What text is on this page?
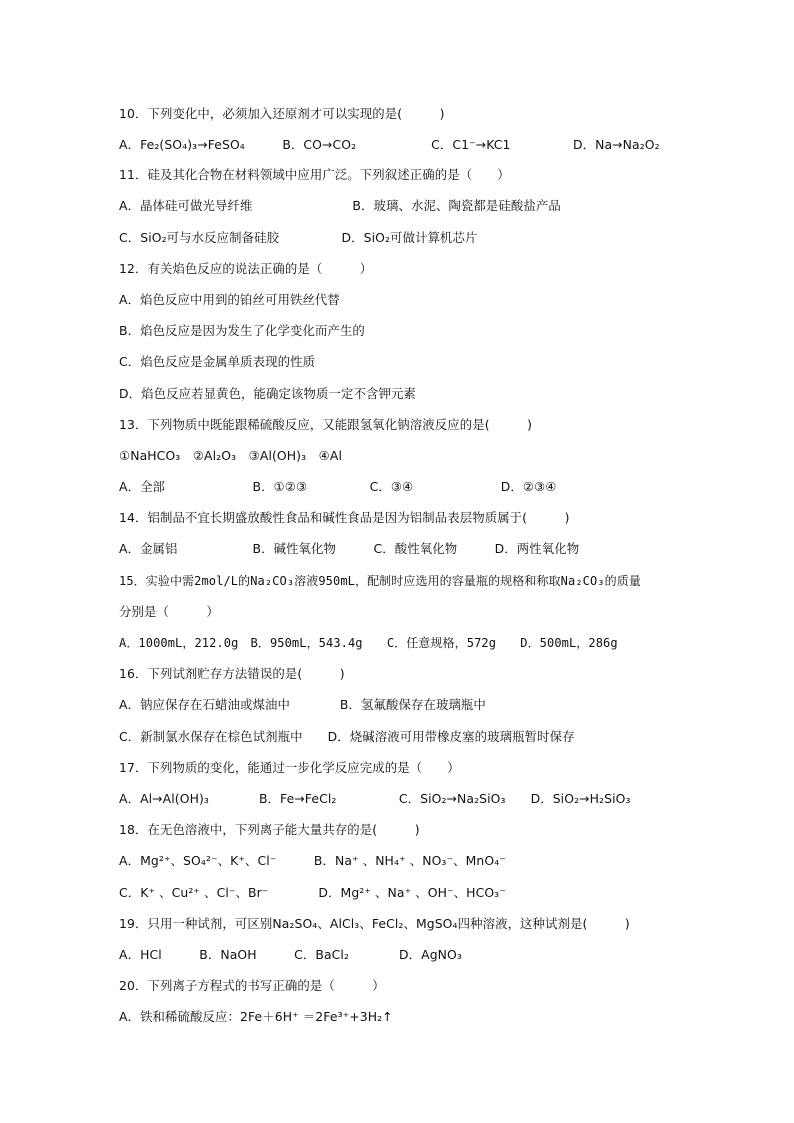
10．下列变化中，必须加入还原剂才可以实现的是(　　　)
A．Fe₂(SO₄)₃→FeSO₄　　　B．CO→CO₂　　　　　　C．C1⁻→KC1　　　　　D．Na→Na₂O₂
11．硅及其化合物在材料领域中应用广泛。下列叙述正确的是（　　）
A．晶体硅可做光导纤维　　　　　　　　B．玻璃、水泥、陶瓷都是硅酸盐产品
C．SiO₂可与水反应制备硅胶　　　　　D．SiO₂可做计算机芯片
12．有关焰色反应的说法正确的是（　　　）
A．焰色反应中用到的铂丝可用铁丝代替
B．焰色反应是因为发生了化学变化而产生的
C．焰色反应是金属单质表现的性质
D．焰色反应若显黄色，能确定该物质一定不含钾元素
13．下列物质中既能跟稀硫酸反应，又能跟氢氧化钠溶液反应的是(　　　)
①NaHCO₃　②Al₂O₃　③Al(OH)₃　④Al
A．全部　　　　　　　B．①②③　　　　　C．③④　　　　　　　D．②③④
14．铝制品不宜长期盛放酸性食品和碱性食品是因为铝制品表层物质属于(　　　)
A．金属铝　　　　　　B．碱性氧化物　　　C．酸性氧化物　　　D．两性氧化物
15．实验中需2mol/L的Na₂CO₃溶液950mL，配制时应选用的容量瓶的规格和称取Na₂CO₃的质量
分别是（　　　）
A．1000mL，212.0g　B．950mL，543.4g　　C．任意规格，572g　　D．500mL，286g
16．下列试剂贮存方法错误的是(　　　)
A．钠应保存在石蜡油或煤油中　　　　B．氢氟酸保存在玻璃瓶中
C．新制氯水保存在棕色试剂瓶中　　D．烧碱溶液可用带橡皮塞的玻璃瓶暂时保存
17．下列物质的变化，能通过一步化学反应完成的是（　　）
A．Al→Al(OH)₃　　　　B．Fe→FeCl₂　　　　　C．SiO₂→Na₂SiO₃　　D．SiO₂→H₂SiO₃
18．在无色溶液中，下列离子能大量共存的是(　　　)
A．Mg²⁺、SO₄²⁻、K⁺、Cl⁻　　　B．Na⁺ 、NH₄⁺ 、NO₃⁻、MnO₄⁻
C．K⁺ 、Cu²⁺ 、Cl⁻、Br⁻　　　　D．Mg²⁺ 、Na⁺ 、OH⁻、HCO₃⁻
19．只用一种试剂，可区别Na₂SO₄、AlCl₃、FeCl₂、MgSO₄四种溶液，这种试剂是(　　　)
A．HCl　　　B．NaOH　　　C．BaCl₂　　　　D．AgNO₃
20．下列离子方程式的书写正确的是（　　　）
A．铁和稀硫酸反应：2Fe＋6H⁺ ＝2Fe³⁺+3H₂↑
